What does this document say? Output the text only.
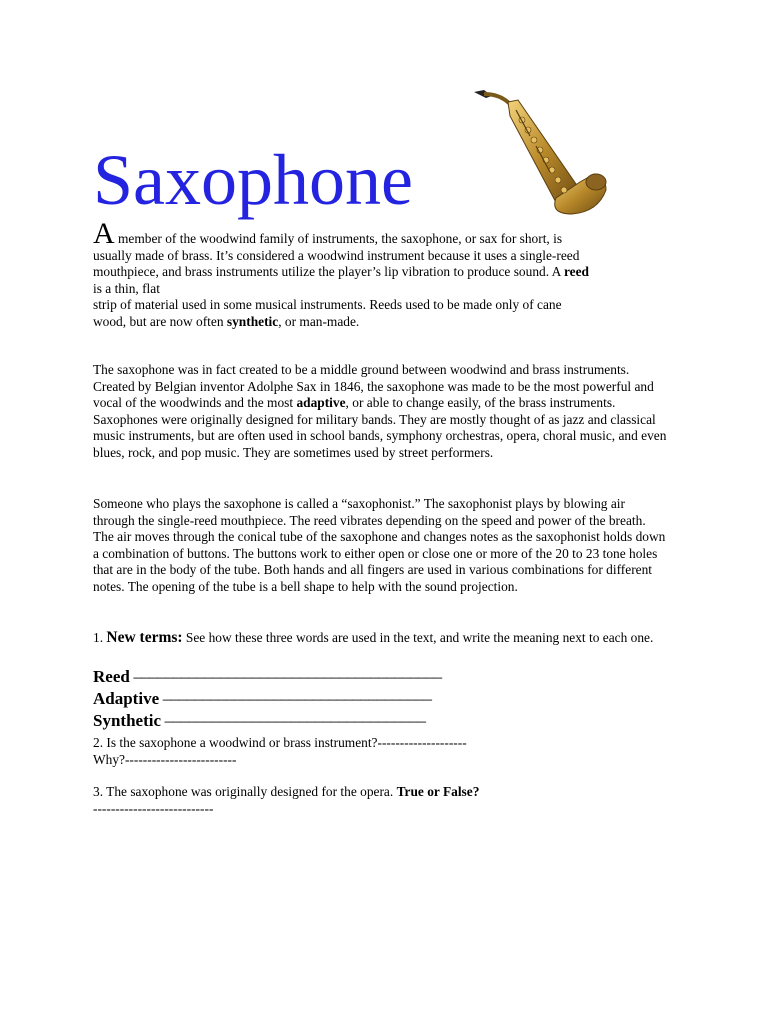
Saxophone
A member of the woodwind family of instruments, the saxophone, or sax for short, is
usually made of brass. It’s considered a woodwind instrument because it uses a single-reed
mouthpiece, and brass instruments utilize the player’s lip vibration to produce sound. A reed
is a thin, flat
strip of material used in some musical instruments. Reeds used to be made only of cane
wood, but are now often synthetic, or man-made.
The saxophone was in fact created to be a middle ground between woodwind and brass instruments. Created by Belgian inventor Adolphe Sax in 1846, the saxophone was made to be the most powerful and vocal of the woodwinds and the most adaptive, or able to change easily, of the brass instruments. Saxophones were originally designed for military bands. They are mostly thought of as jazz and classical music instruments, but are often used in school bands, symphony orchestras, opera, choral music, and even blues, rock, and pop music. They are sometimes used by street performers.
Someone who plays the saxophone is called a “saxophonist.” The saxophonist plays by blowing air through the single-reed mouthpiece. The reed vibrates depending on the speed and power of the breath. The air moves through the conical tube of the saxophone and changes notes as the saxophonist holds down a combination of buttons. The buttons work to either open or close one or more of the 20 to 23 tone holes that are in the body of the tube. Both hands and all fingers are used in various combinations for different notes. The opening of the tube is a bell shape to help with the sound projection.
1. New terms: See how these three words are used in the text, and write the meaning next to each one.
Reed –––––––––––––––––––––––––––––––––––––––
Adaptive ––––––––––––––––––––––––––––––––––
Synthetic –––––––––––––––––––––––––––––––––
2. Is the saxophone a woodwind or brass instrument?--------------------
Why?-------------------------
3. The saxophone was originally designed for the opera. True or False?
---------------------------
